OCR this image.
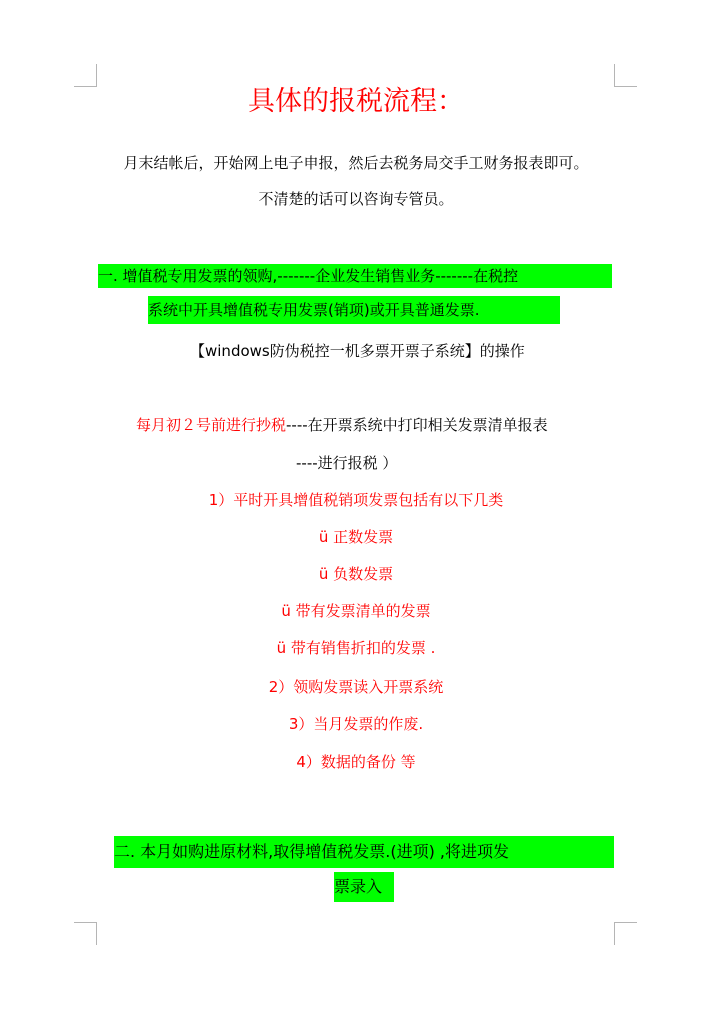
具体的报税流程：
月末结帐后，开始网上电子申报，然后去税务局交手工财务报表即可。
不清楚的话可以咨询专管员。
一. 增值税专用发票的领购,-------企业发生销售业务-------在税控
系统中开具增值税专用发票(销项)或开具普通发票.
【windows防伪税控一机多票开票子系统】的操作
每月初２号前进行抄税----在开票系统中打印相关发票清单报表
----进行报税 ）
1）平时开具增值税销项发票包括有以下几类
ü 正数发票
ü 负数发票
ü 带有发票清单的发票
ü 带有销售折扣的发票 .
2）领购发票读入开票系统
3）当月发票的作废.
4）数据的备份 等
二. 本月如购进原材料,取得增值税发票.(进项) ,将进项发
票录入
